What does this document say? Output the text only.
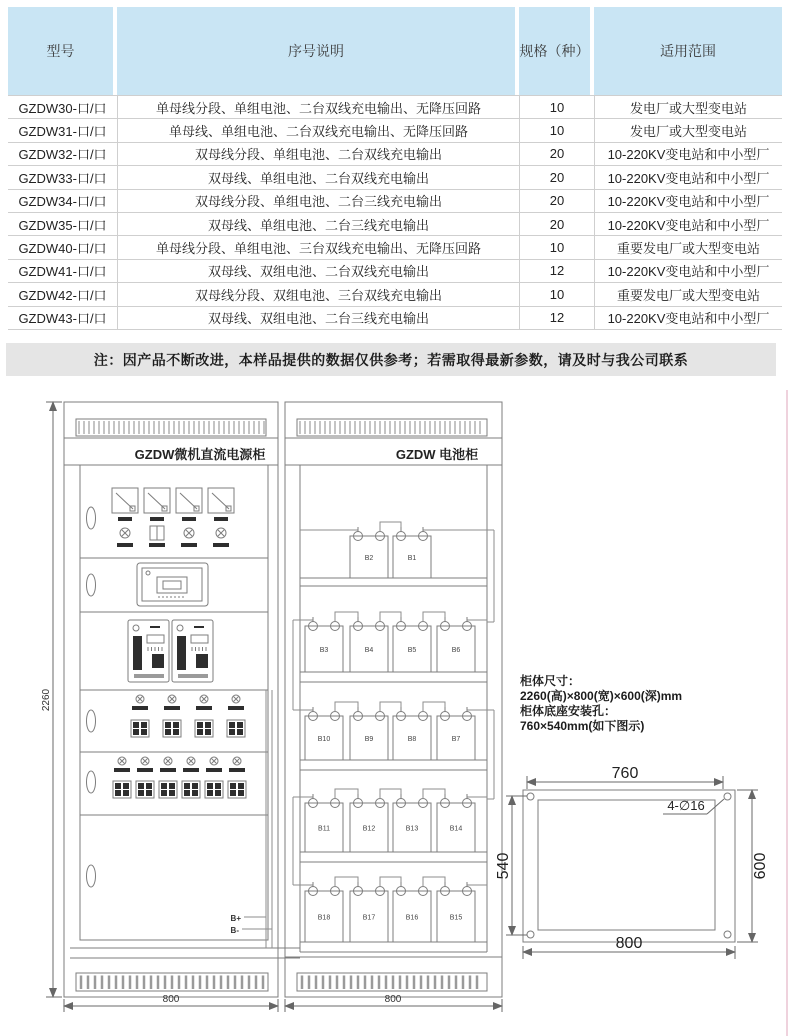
型号	序号说明	规格（种）	适用范围
GZDW30-口/口	单母线分段、单组电池、二台双线充电输出、无降压回路	10	发电厂或大型变电站
GZDW31-口/口	单母线、单组电池、二台双线充电输出、无降压回路	10	发电厂或大型变电站
GZDW32-口/口	双母线分段、单组电池、二台双线充电输出	20	10-220KV变电站和中小型厂
GZDW33-口/口	双母线、单组电池、二台双线充电输出	20	10-220KV变电站和中小型厂
GZDW34-口/口	双母线分段、单组电池、二台三线充电输出	20	10-220KV变电站和中小型厂
GZDW35-口/口	双母线、单组电池、二台三线充电输出	20	10-220KV变电站和中小型厂
GZDW40-口/口	单母线分段、单组电池、三台双线充电输出、无降压回路	10	重要发电厂或大型变电站
GZDW41-口/口	双母线、双组电池、二台双线充电输出	12	10-220KV变电站和中小型厂
GZDW42-口/口	双母线分段、双组电池、三台双线充电输出	10	重要发电厂或大型变电站
GZDW43-口/口	双母线、双组电池、二台三线充电输出	12	10-220KV变电站和中小型厂
注：因产品不断改进，本样品提供的数据仅供参考；若需取得最新参数，请及时与我公司联系
GZDW微机直流电源柜
B+
B-
2260
800
GZDW 电池柜
B2	B1
B3	B4	B5	B6
B10	B9	B8	B7
B11	B12	B13	B14
B18	B17	B16	B15
800
柜体尺寸：
2260(高)×800(宽)×600(深)mm
柜体底座安装孔：
760×540mm(如下图示)
760
4-∅16
540	600
800
